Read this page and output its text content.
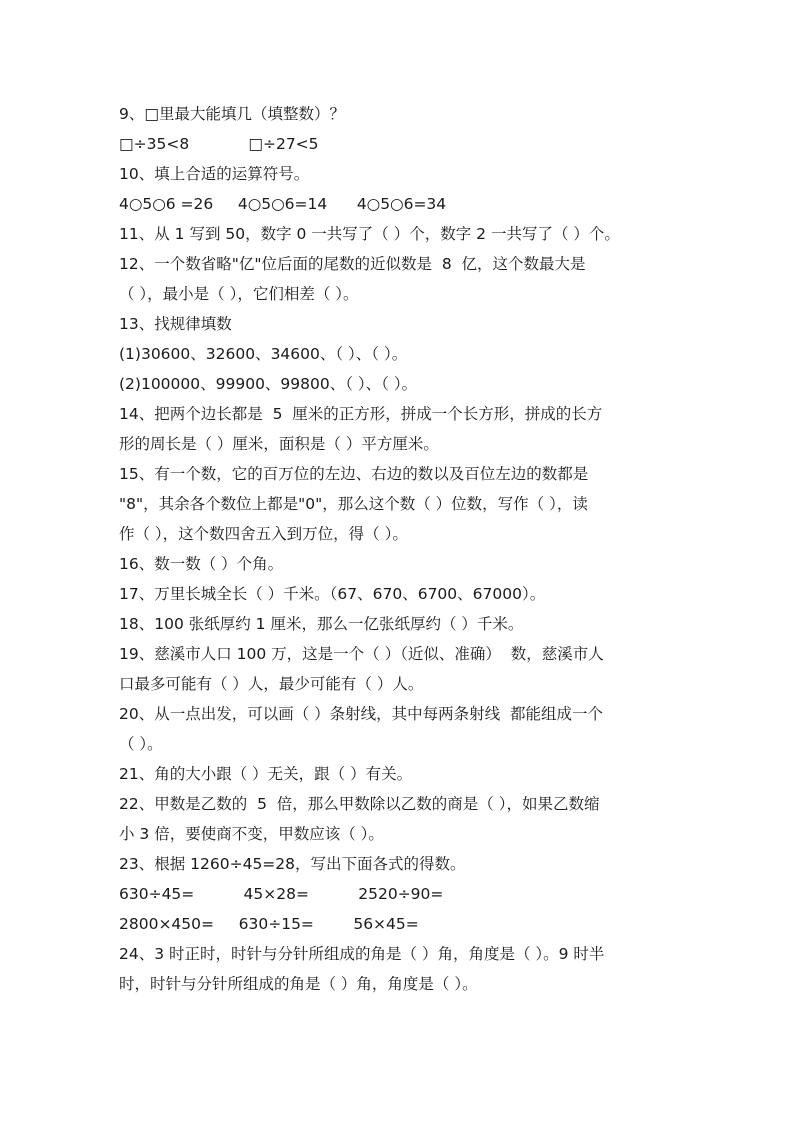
9、□里最大能填几（填整数）？
□÷35<8            □÷27<5
10、填上合适的运算符号。
4○5○6 =26     4○5○6=14      4○5○6=34
11、从 1 写到 50，数字 0 一共写了（ ）个，数字 2 一共写了（ ）个。
12、一个数省略"亿"位后面的尾数的近似数是  8  亿，这个数最大是
（ ），最小是（ ），它们相差（ ）。
13、找规律填数
(1)30600、32600、34600、（ ）、（ ）。
(2)100000、99900、99800、（ ）、（ ）。
14、把两个边长都是  5  厘米的正方形，拼成一个长方形，拼成的长方
形的周长是（ ）厘米，面积是（ ）平方厘米。
15、有一个数，它的百万位的左边、右边的数以及百位左边的数都是
"8"，其余各个数位上都是"0"，那么这个数（ ）位数，写作（ ），读
作（ ），这个数四舍五入到万位，得（ ）。
16、数一数（ ）个角。
17、万里长城全长（ ）千米。（67、670、6700、67000）。
18、100 张纸厚约 1 厘米，那么一亿张纸厚约（ ）千米。
19、慈溪市人口 100 万，这是一个（ ）（近似、准确）  数，慈溪市人
口最多可能有（ ）人，最少可能有（ ）人。
20、从一点出发，可以画（ ）条射线，其中每两条射线  都能组成一个
（ ）。
21、角的大小跟（ ）无关，跟（ ）有关。
22、甲数是乙数的  5  倍，那么甲数除以乙数的商是（ ），如果乙数缩
小 3 倍，要使商不变，甲数应该（ ）。
23、根据 1260÷45=28，写出下面各式的得数。
630÷45=          45×28=          2520÷90=
2800×450=     630÷15=        56×45=
24、3 时正时，时针与分针所组成的角是（ ）角，角度是（ ）。9 时半
时，时针与分针所组成的角是（ ）角，角度是（ ）。
